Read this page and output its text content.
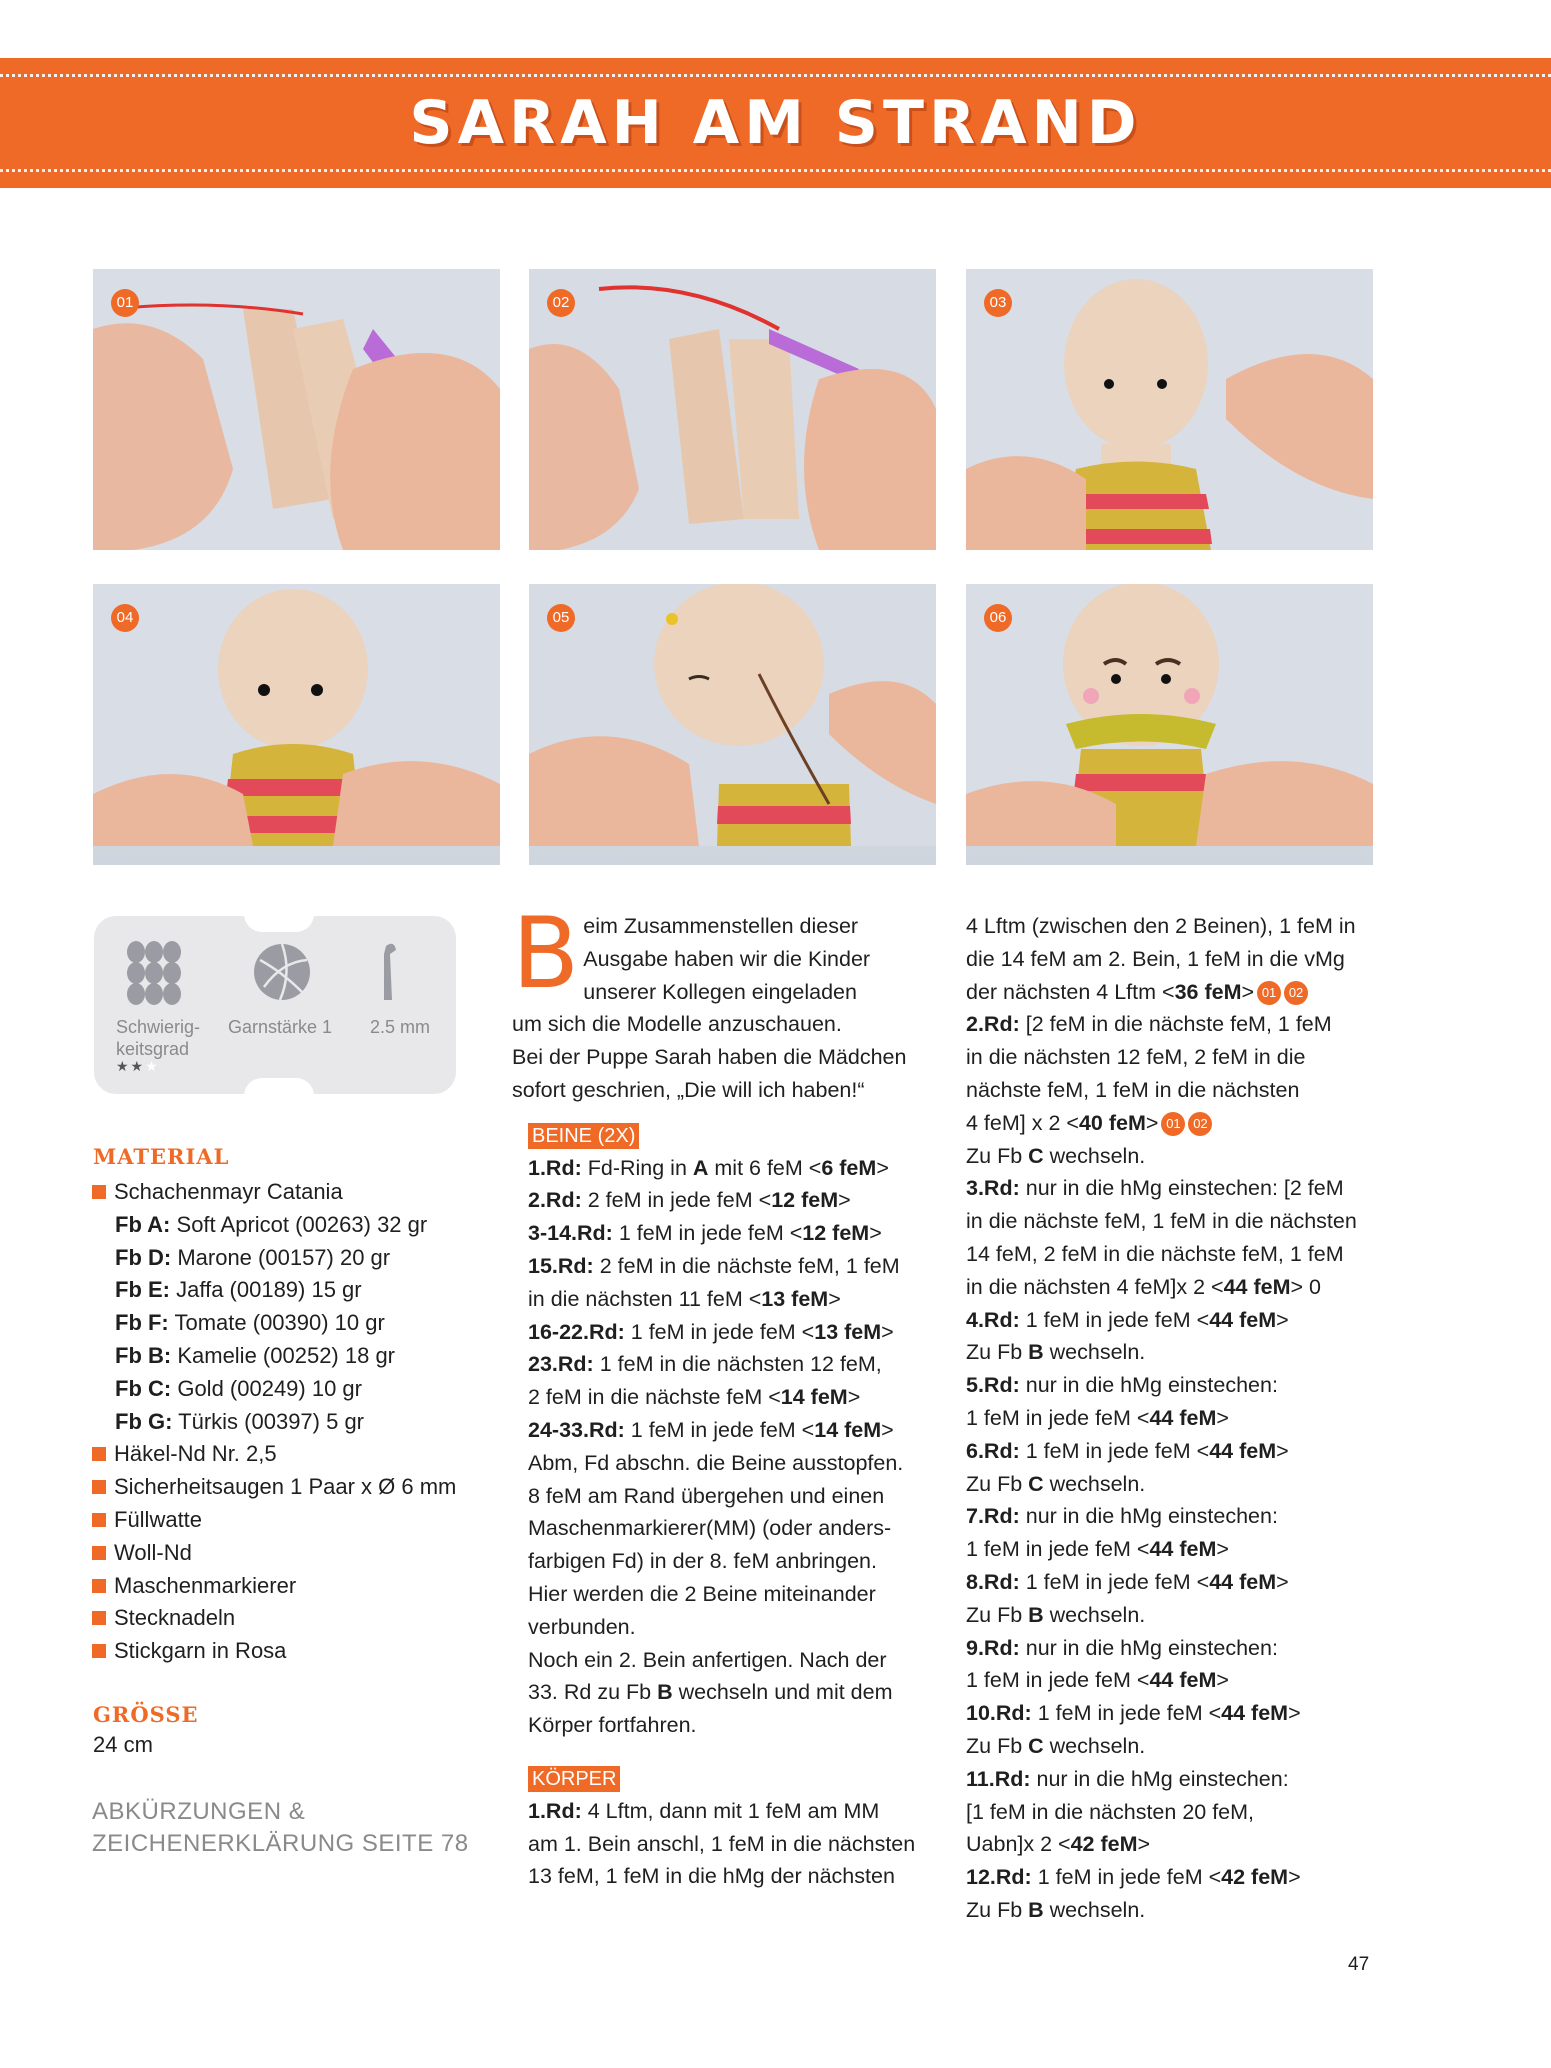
SARAH AM STRAND
01	02	03
04	05	06
Schwierig-keitsgrad
Garnstärke 1 2.5 mm
★★★
MATERIAL
Schachenmayr Catania
Fb A: Soft Apricot (00263) 32 gr
Fb D: Marone (00157) 20 gr
Fb E: Jaffa (00189) 15 gr
Fb F: Tomate (00390) 10 gr
Fb B: Kamelie (00252) 18 gr
Fb C: Gold (00249) 10 gr
Fb G: Türkis (00397) 5 gr
Häkel-Nd Nr. 2,5
Sicherheitsaugen 1 Paar x Ø 6 mm
Füllwatte
Woll-Nd
Maschenmarkierer
Stecknadeln
Stickgarn in Rosa
GRÖSSE
24 cm
ABKÜRZUNGEN &
ZEICHENERKLÄRUNG SEITE 78
B eim Zusammenstellen dieser
Ausgabe haben wir die Kinder
unserer Kollegen eingeladen
um sich die Modelle anzuschauen.
Bei der Puppe Sarah haben die Mädchen
sofort geschrien, „Die will ich haben!“
BEINE (2X)
1.Rd: Fd-Ring in A mit 6 feM <6 feM>
2.Rd: 2 feM in jede feM <12 feM>
3-14.Rd: 1 feM in jede feM <12 feM>
15.Rd: 2 feM in die nächste feM, 1 feM
in die nächsten 11 feM <13 feM>
16-22.Rd: 1 feM in jede feM <13 feM>
23.Rd: 1 feM in die nächsten 12 feM,
2 feM in die nächste feM <14 feM>
24-33.Rd: 1 feM in jede feM <14 feM>
Abm, Fd abschn. die Beine ausstopfen.
8 feM am Rand übergehen und einen
Maschenmarkierer(MM) (oder anders-
farbigen Fd) in der 8. feM anbringen.
Hier werden die 2 Beine miteinander
verbunden.
Noch ein 2. Bein anfertigen. Nach der
33. Rd zu Fb B wechseln und mit dem
Körper fortfahren.
KÖRPER
1.Rd: 4 Lftm, dann mit 1 feM am MM
am 1. Bein anschl, 1 feM in die nächsten
13 feM, 1 feM in die hMg der nächsten
4 Lftm (zwischen den 2 Beinen), 1 feM in
die 14 feM am 2. Bein, 1 feM in die vMg
der nächsten 4 Lftm <36 feM> 01 02
2.Rd: [2 feM in die nächste feM, 1 feM
in die nächsten 12 feM, 2 feM in die
nächste feM, 1 feM in die nächsten
4 feM] x 2 <40 feM> 01 02
Zu Fb C wechseln.
3.Rd: nur in die hMg einstechen: [2 feM
in die nächste feM, 1 feM in die nächsten
14 feM, 2 feM in die nächste feM, 1 feM
in die nächsten 4 feM]x 2 <44 feM> 0
4.Rd: 1 feM in jede feM <44 feM>
Zu Fb B wechseln.
5.Rd: nur in die hMg einstechen:
1 feM in jede feM <44 feM>
6.Rd: 1 feM in jede feM <44 feM>
Zu Fb C wechseln.
7.Rd: nur in die hMg einstechen:
1 feM in jede feM <44 feM>
8.Rd: 1 feM in jede feM <44 feM>
Zu Fb B wechseln.
9.Rd: nur in die hMg einstechen:
1 feM in jede feM <44 feM>
10.Rd: 1 feM in jede feM <44 feM>
Zu Fb C wechseln.
11.Rd: nur in die hMg einstechen:
[1 feM in die nächsten 20 feM,
Uabn]x 2 <42 feM>
12.Rd: 1 feM in jede feM <42 feM>
Zu Fb B wechseln.
47
